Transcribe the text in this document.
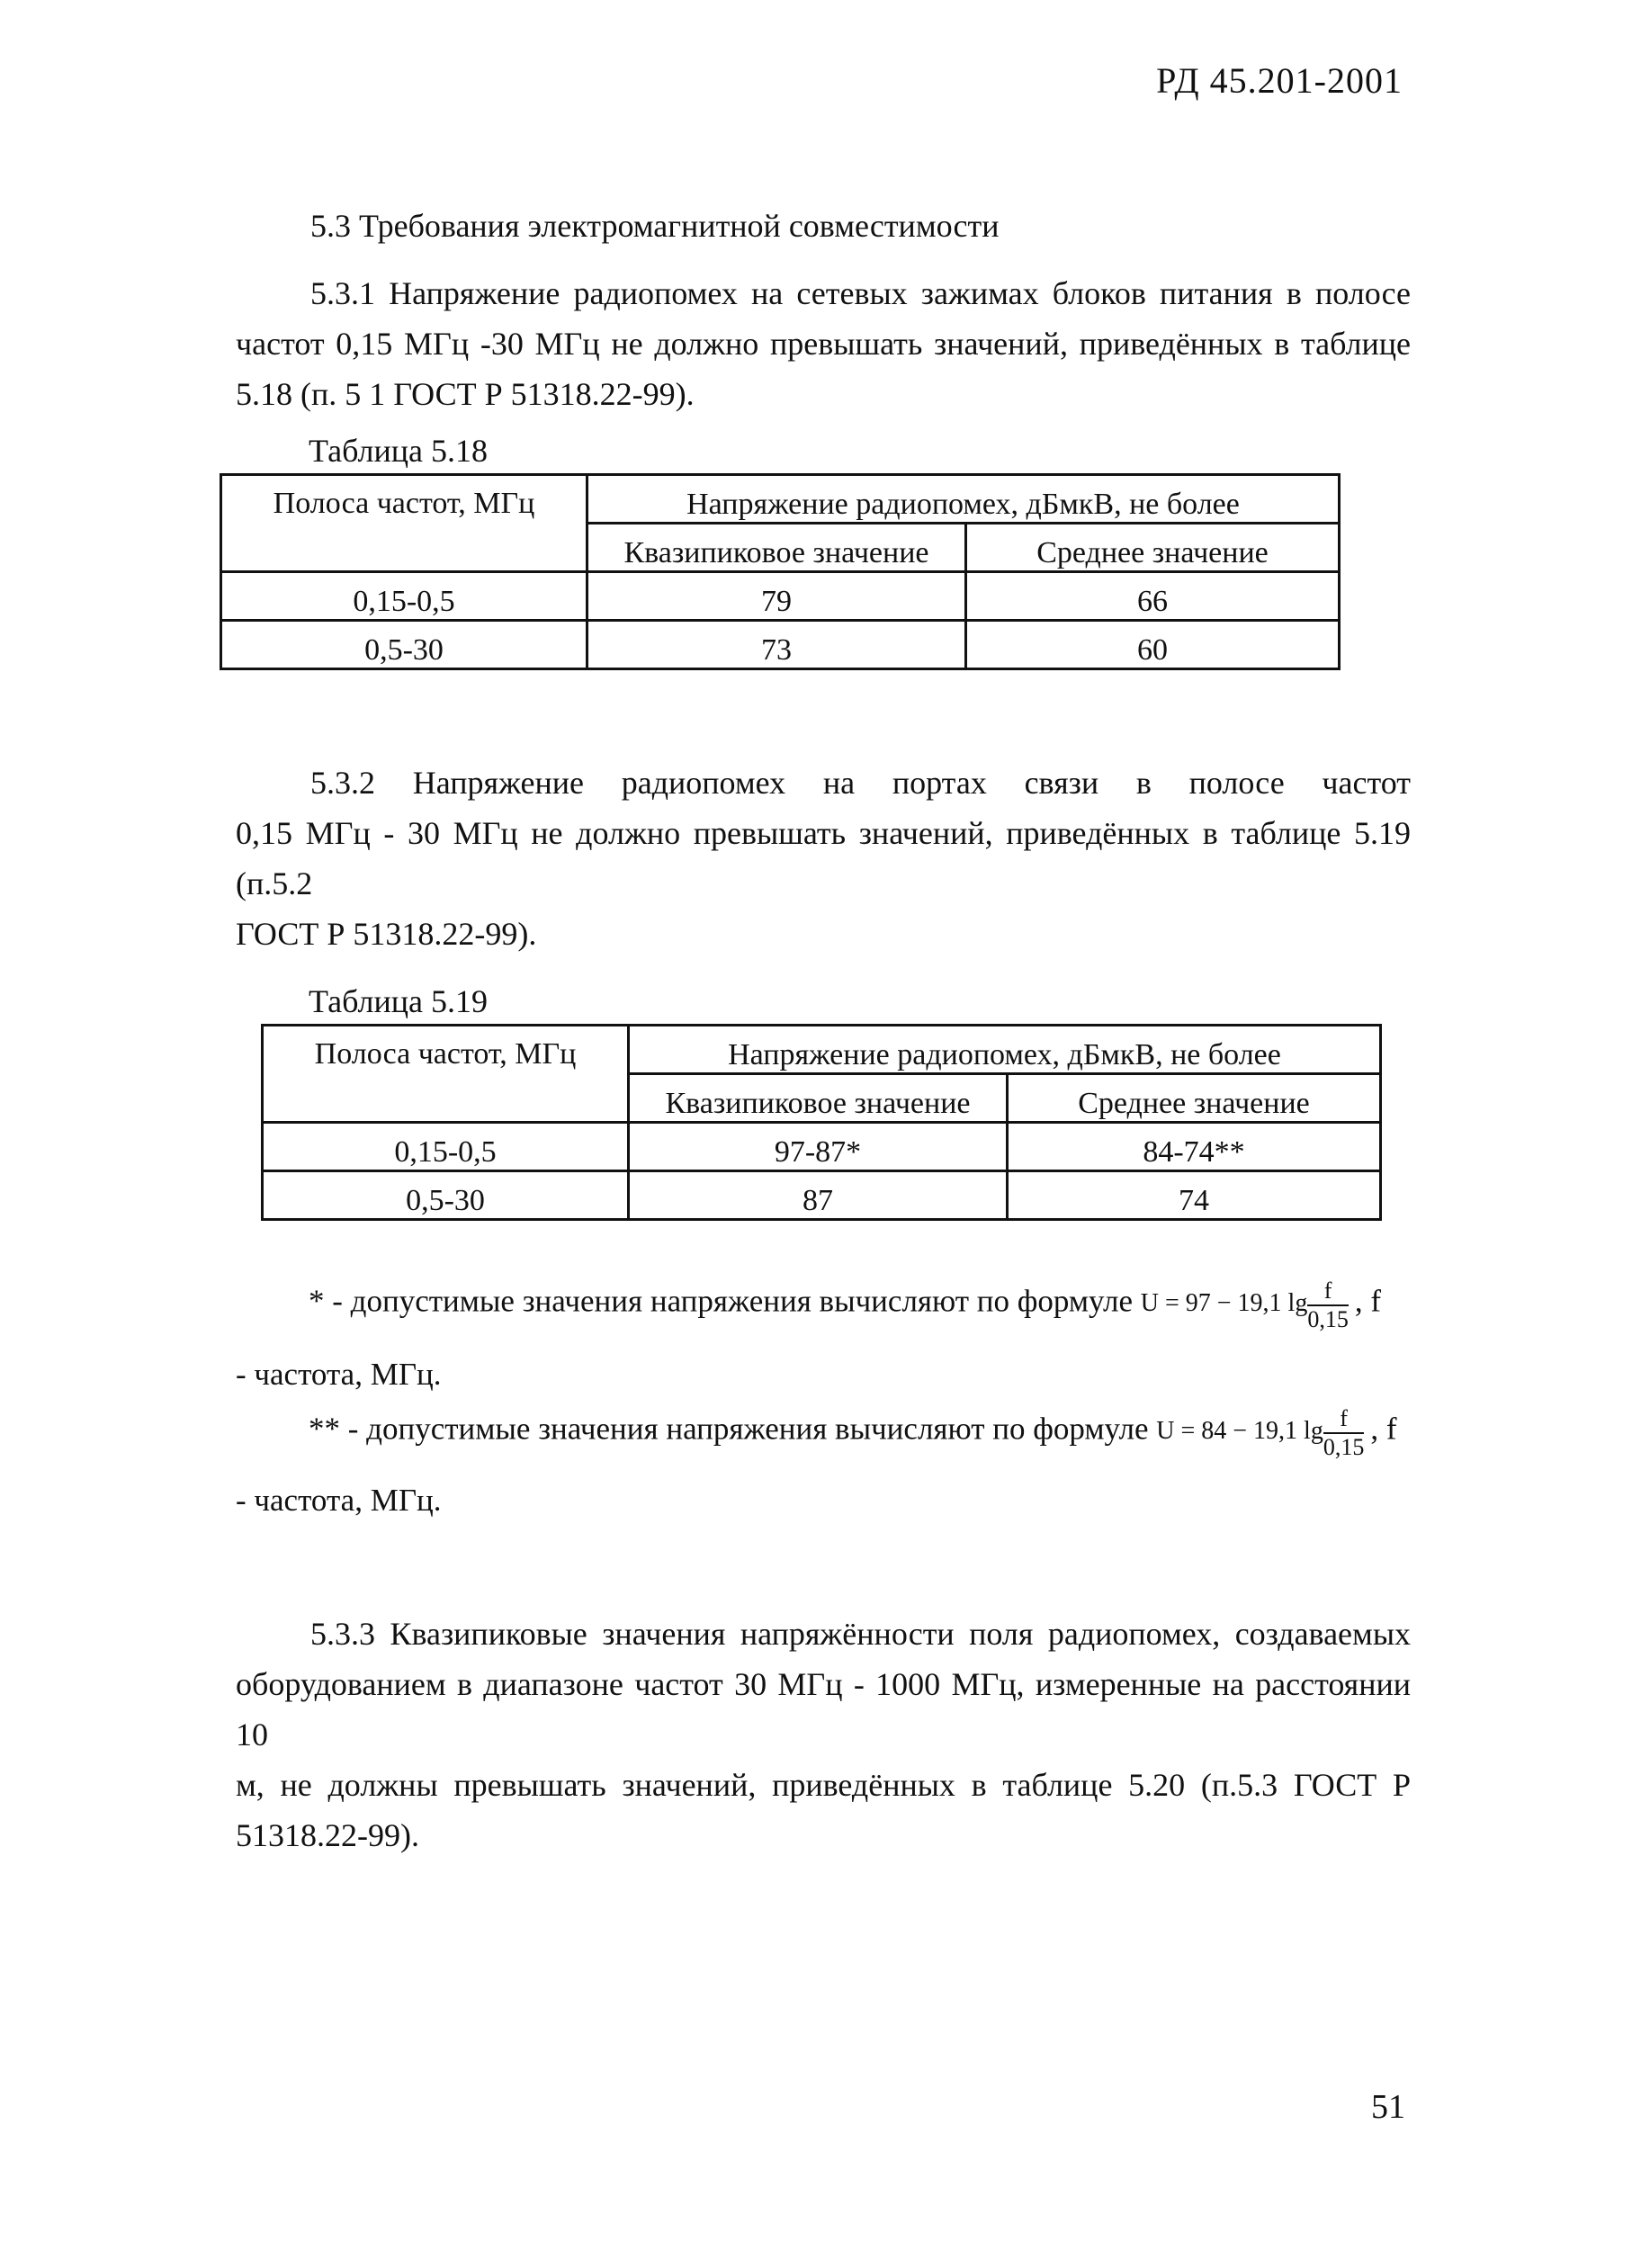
РД 45.201-2001
5.3 Требования электромагнитной совместимости
5.3.1 Напряжение радиопомех на сетевых зажимах блоков питания в полосе
частот 0,15 МГц -30 МГц не должно превышать значений, приведённых в таблице
5.18 (п. 5 1 ГОСТ Р 51318.22-99).
Таблица 5.18
Полоса частот, МГц	Напряжение радиопомех, дБмкВ, не более	
	Квазипиковое значение	Среднее значение
0,15-0,5	79	66
0,5-30	73	60
5.3.2 Напряжение радиопомех на портах связи в полосе частот
0,15 МГц - 30 МГц не должно превышать значений, приведённых в таблице 5.19 (п.5.2
ГОСТ Р 51318.22-99).
Таблица 5.19
Полоса частот, МГц	Напряжение радиопомех, дБмкВ, не более	
	Квазипиковое значение	Среднее значение
0,15-0,5	97-87*	84-74**
0,5-30	87	74
* - допустимые значения напряжения вычисляют по формуле U = 97 − 19,1 $\lg \frac{f}{0,15}$ , f
- частота, МГц.
** - допустимые значения напряжения вычисляют по формуле U = 84 − 19,1 $\lg \frac{f}{0,15}$ , f
- частота, МГц.
5.3.3 Квазипиковые значения напряжённости поля радиопомех, создаваемых
оборудованием в диапазоне частот 30 МГц - 1000 МГц, измеренные на расстоянии 10
м, не должны превышать значений, приведённых в таблице 5.20 (п.5.3 ГОСТ Р
51318.22-99).
51
